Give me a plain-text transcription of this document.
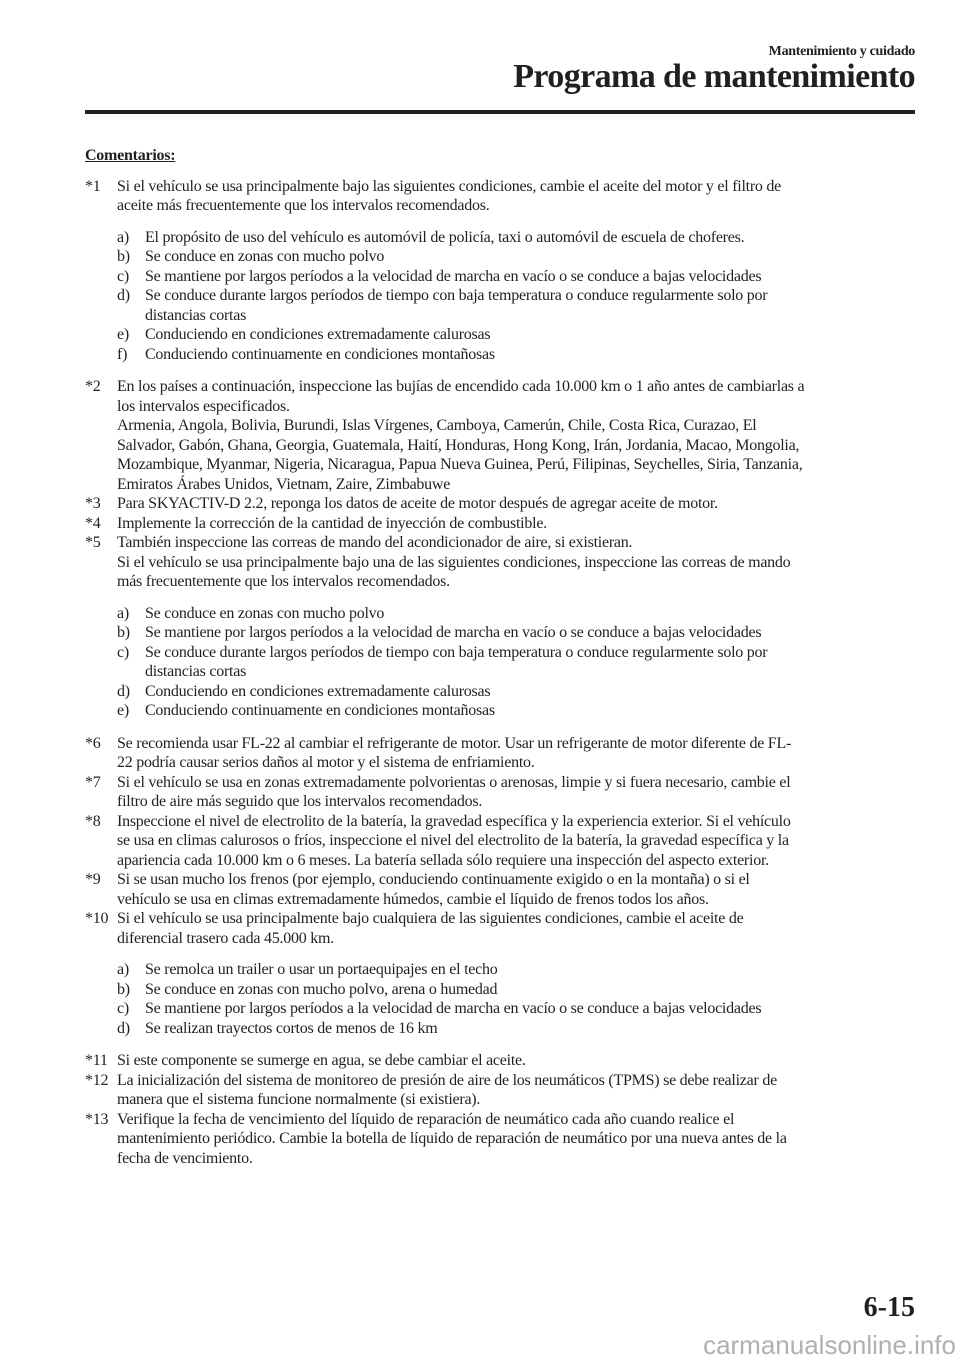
Mantenimiento y cuidado
Programa de mantenimiento
Comentarios:
*1 Si el vehículo se usa principalmente bajo las siguientes condiciones, cambie el aceite del motor y el filtro de
aceite más frecuentemente que los intervalos recomendados.
a) El propósito de uso del vehículo es automóvil de policía, taxi o automóvil de escuela de choferes.
b) Se conduce en zonas con mucho polvo
c) Se mantiene por largos períodos a la velocidad de marcha en vacío o se conduce a bajas velocidades
d) Se conduce durante largos períodos de tiempo con baja temperatura o conduce regularmente solo por
distancias cortas
e) Conduciendo en condiciones extremadamente calurosas
f) Conduciendo continuamente en condiciones montañosas
*2 En los países a continuación, inspeccione las bujías de encendido cada 10.000 km o 1 año antes de cambiarlas a
los intervalos especificados.
Armenia, Angola, Bolivia, Burundi, Islas Vírgenes, Camboya, Camerún, Chile, Costa Rica, Curazao, El
Salvador, Gabón, Ghana, Georgia, Guatemala, Haití, Honduras, Hong Kong, Irán, Jordania, Macao, Mongolia,
Mozambique, Myanmar, Nigeria, Nicaragua, Papua Nueva Guinea, Perú, Filipinas, Seychelles, Siria, Tanzania,
Emiratos Árabes Unidos, Vietnam, Zaire, Zimbabuwe
*3 Para SKYACTIV-D 2.2, reponga los datos de aceite de motor después de agregar aceite de motor.
*4 Implemente la corrección de la cantidad de inyección de combustible.
*5 También inspeccione las correas de mando del acondicionador de aire, si existieran.
Si el vehículo se usa principalmente bajo una de las siguientes condiciones, inspeccione las correas de mando
más frecuentemente que los intervalos recomendados.
a) Se conduce en zonas con mucho polvo
b) Se mantiene por largos períodos a la velocidad de marcha en vacío o se conduce a bajas velocidades
c) Se conduce durante largos períodos de tiempo con baja temperatura o conduce regularmente solo por
distancias cortas
d) Conduciendo en condiciones extremadamente calurosas
e) Conduciendo continuamente en condiciones montañosas
*6 Se recomienda usar FL-22 al cambiar el refrigerante de motor. Usar un refrigerante de motor diferente de FL-
22 podría causar serios daños al motor y el sistema de enfriamiento.
*7 Si el vehículo se usa en zonas extremadamente polvorientas o arenosas, limpie y si fuera necesario, cambie el
filtro de aire más seguido que los intervalos recomendados.
*8 Inspeccione el nivel de electrolito de la batería, la gravedad específica y la experiencia exterior. Si el vehículo
se usa en climas calurosos o fríos, inspeccione el nivel del electrolito de la batería, la gravedad específica y la
apariencia cada 10.000 km o 6 meses. La batería sellada sólo requiere una inspección del aspecto exterior.
*9 Si se usan mucho los frenos (por ejemplo, conduciendo continuamente exigido o en la montaña) o si el
vehículo se usa en climas extremadamente húmedos, cambie el líquido de frenos todos los años.
*10 Si el vehículo se usa principalmente bajo cualquiera de las siguientes condiciones, cambie el aceite de
diferencial trasero cada 45.000 km.
a) Se remolca un trailer o usar un portaequipajes en el techo
b) Se conduce en zonas con mucho polvo, arena o humedad
c) Se mantiene por largos períodos a la velocidad de marcha en vacío o se conduce a bajas velocidades
d) Se realizan trayectos cortos de menos de 16 km
*11 Si este componente se sumerge en agua, se debe cambiar el aceite.
*12 La inicialización del sistema de monitoreo de presión de aire de los neumáticos (TPMS) se debe realizar de
manera que el sistema funcione normalmente (si existiera).
*13 Verifique la fecha de vencimiento del líquido de reparación de neumático cada año cuando realice el
mantenimiento periódico. Cambie la botella de líquido de reparación de neumático por una nueva antes de la
fecha de vencimiento.
6-15
carmanualsonline.info
